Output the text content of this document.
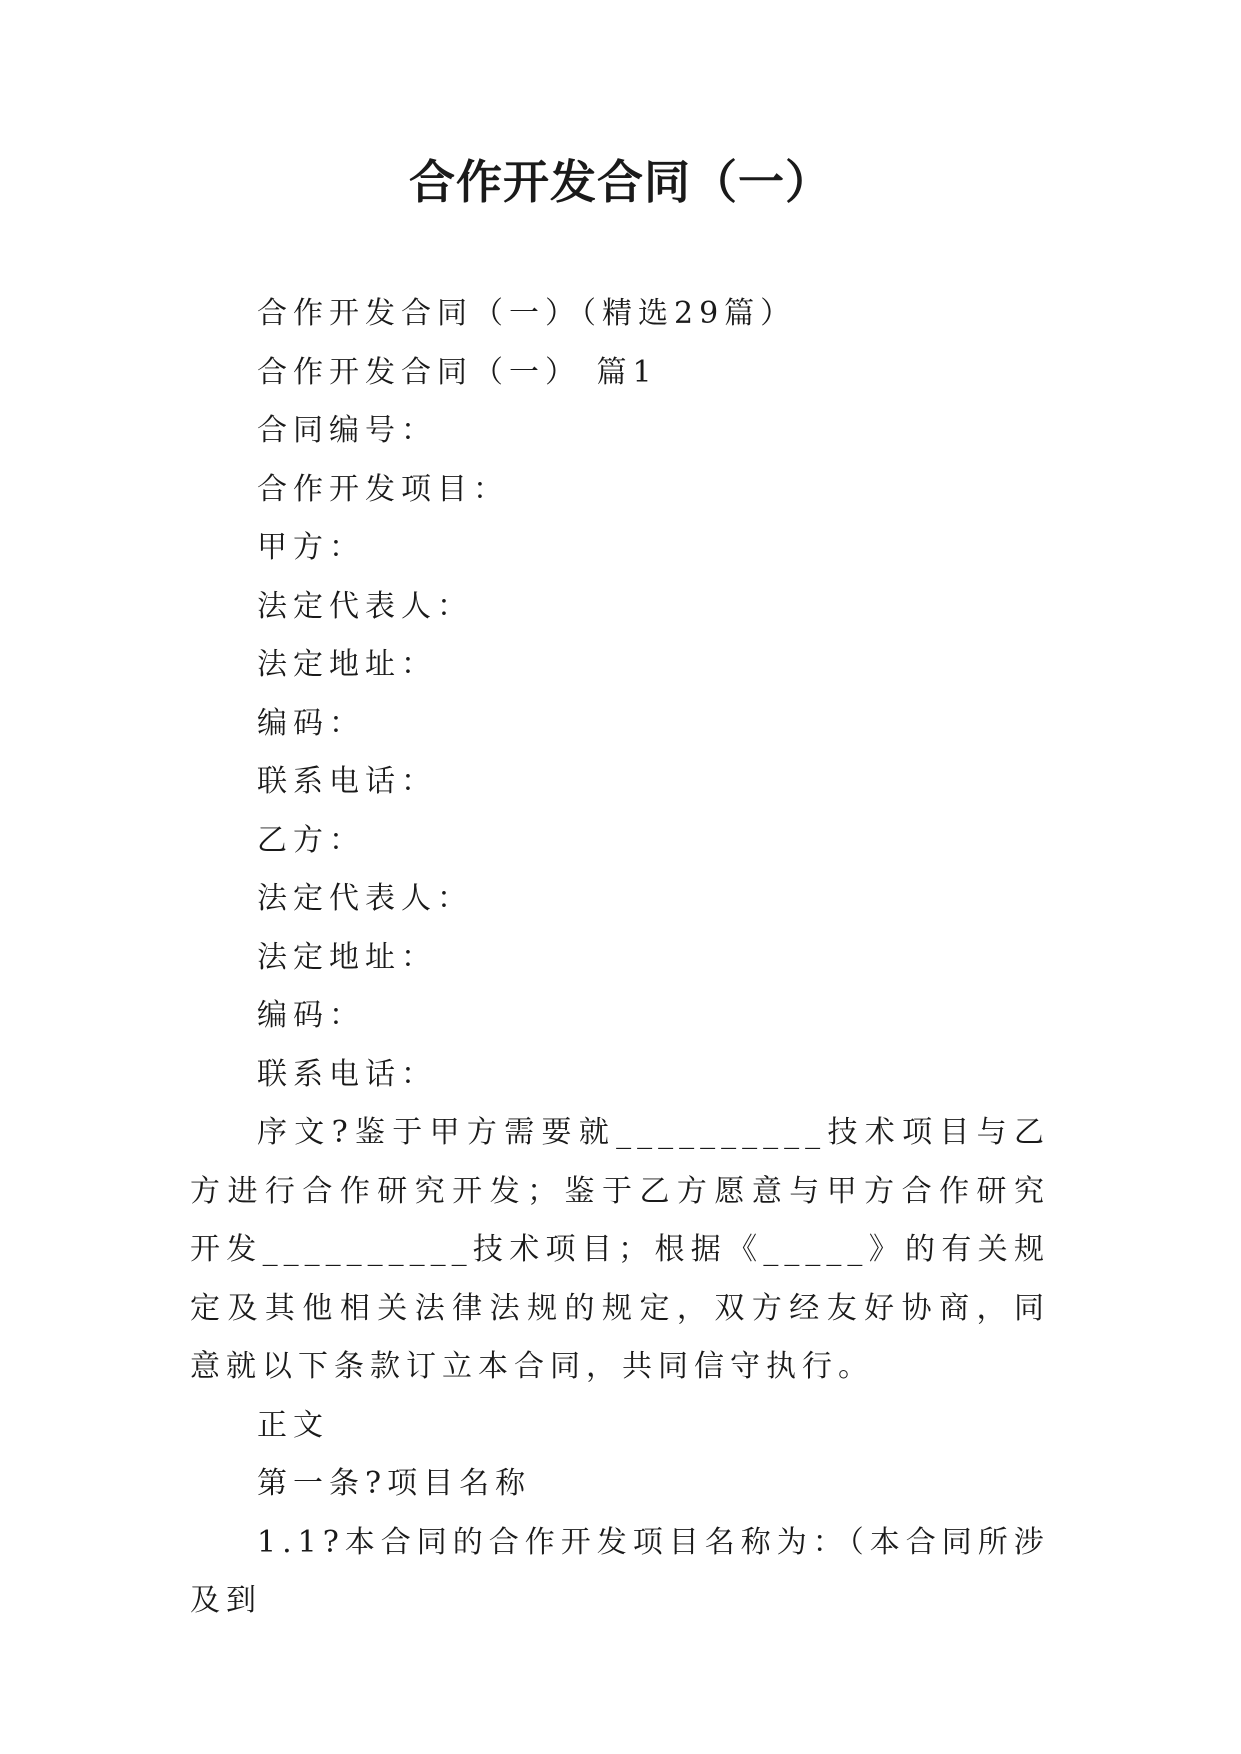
合作开发合同（一）

合作开发合同（一）（精选29篇）

合作开发合同（一） 篇1

合同编号：

合作开发项目：

甲方：

法定代表人：

法定地址：

编码：

联系电话：

乙方：

法定代表人：

法定地址：

编码：

联系电话：

序文?鉴于甲方需要就__________技术项目与乙方进行合作研究开发；鉴于乙方愿意与甲方合作研究开发__________技术项目；根据《_____》的有关规定及其他相关法律法规的规定，双方经友好协商，同意就以下条款订立本合同，共同信守执行。

正文

第一条?项目名称

1.1?本合同的合作开发项目名称为：（本合同所涉及到
